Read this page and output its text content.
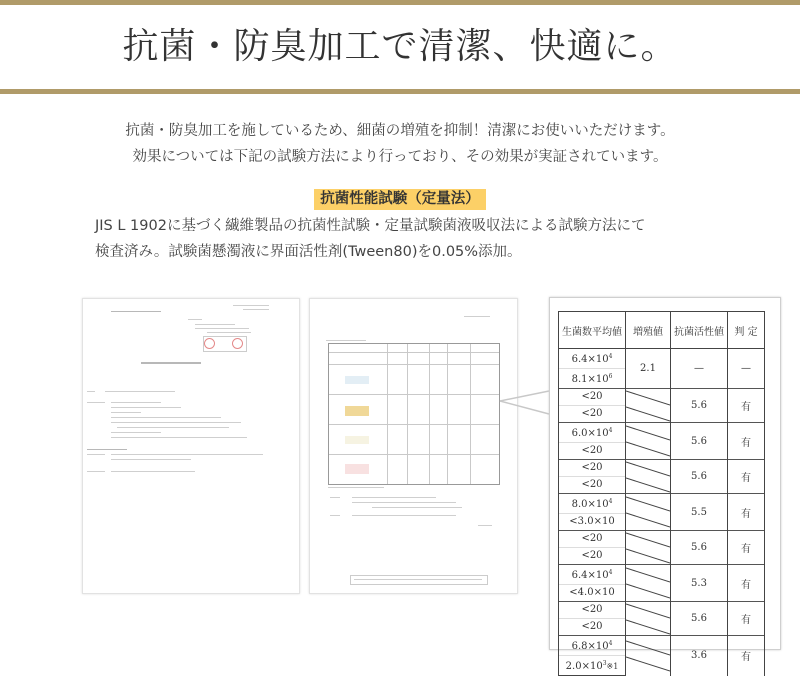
抗菌・防臭加工で清潔、快適に。
抗菌・防臭加工を施しているため、細菌の増殖を抑制！清潔にお使いいただけます。
効果については下記の試験方法により行っており、その効果が実証されています。
抗菌性能試験（定量法）
JIS L 1902に基づく繊維製品の抗菌性試験・定量試験菌液吸収法による試験方法にて
検査済み。試験菌懸濁液に界面活性剤(Tween80)を0.05%添加。
生菌数平均値	増殖値	抗菌活性値	判 定
$6.4\times 10^4$	2.1	—	—
$8.1\times 10^6$
<20		5.6	有
<20			
$6.0\times 10^4$		5.6	有
<20			
<20		5.6	有
<20			
$8.0\times 10^4$		5.5	有
<3.0×10			
<20		5.6	有
<20			
$6.4\times 10^4$		5.3	有
<4.0×10			
<20		5.6	有
<20			
$6.8\times 10^4$		3.6	有
$2.0\times 10^3※1$			
